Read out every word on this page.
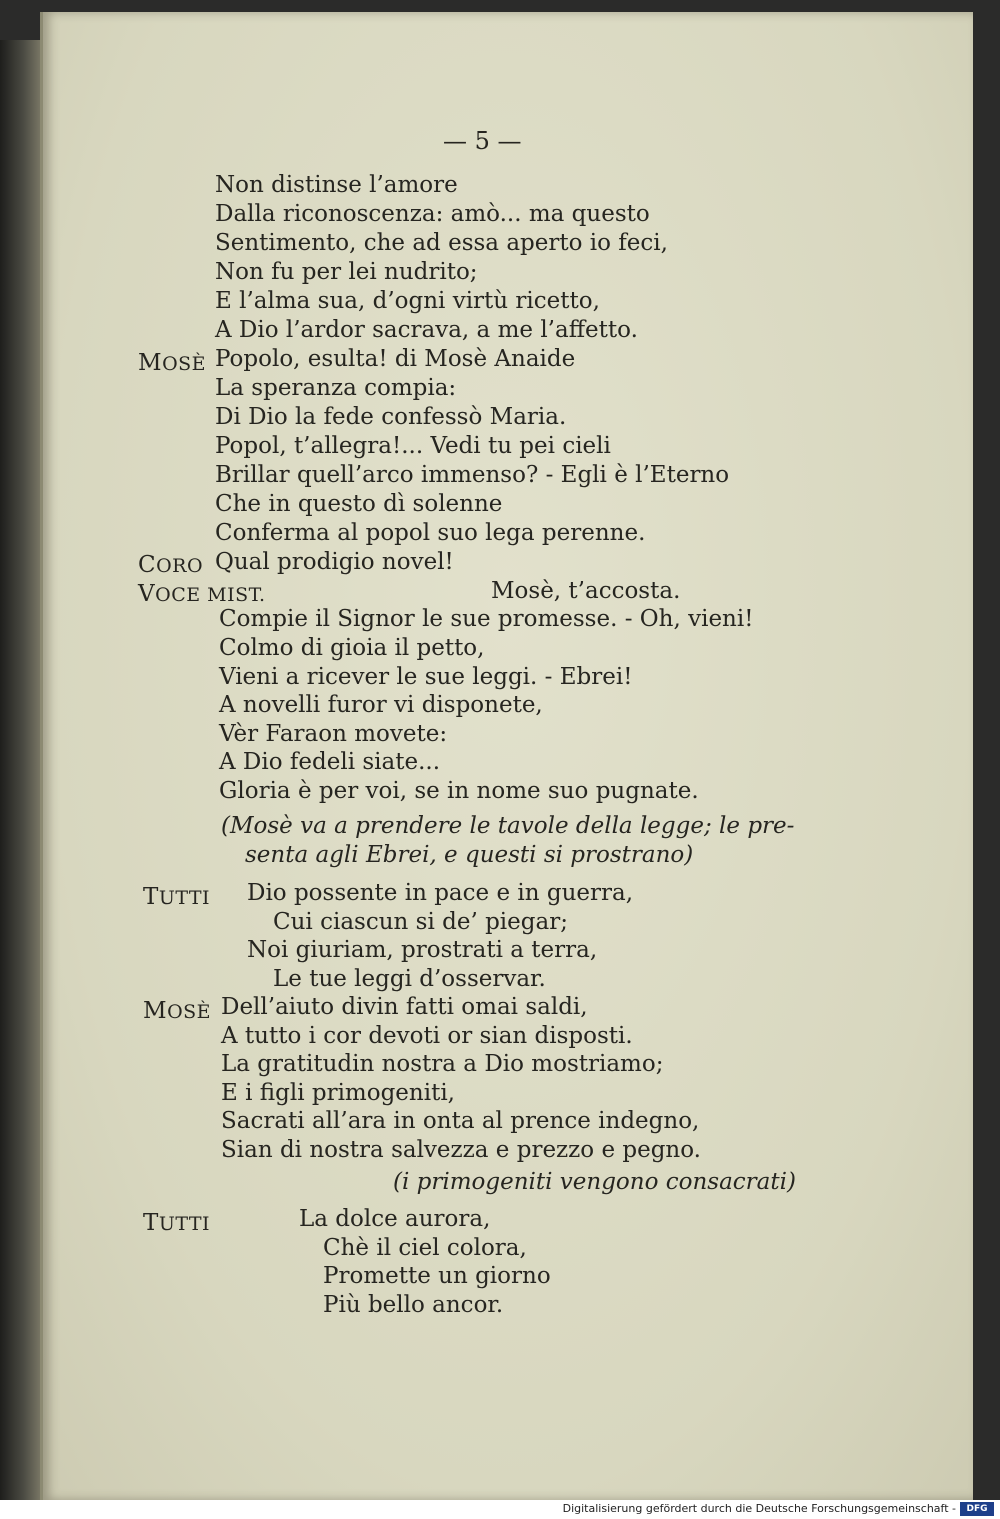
— 5 —
Non distinse l’amore
Dalla riconoscenza: amò... ma questo
Sentimento, che ad essa aperto io feci,
Non fu per lei nudrito;
E l’alma sua, d’ogni virtù ricetto,
A Dio l’ardor sacrava, a me l’affetto.
MOSÈ Popolo, esulta! di Mosè Anaide
La speranza compia:
Di Dio la fede confessò Maria.
Popol, t’allegra!... Vedi tu pei cieli
Brillar quell’arco immenso? - Egli è l’Eterno
Che in questo dì solenne
Conferma al popol suo lega perenne.
CORO Qual prodigio novel!
VOCE MIST.	Mosè, t’accosta.
Compie il Signor le sue promesse. - Oh, vieni!
Colmo di gioia il petto,
Vieni a ricever le sue leggi. - Ebrei!
A novelli furor vi disponete,
Vèr Faraon movete:
A Dio fedeli siate...
Gloria è per voi, se in nome suo pugnate.
(Mosè va a prendere le tavole della legge; le pre-
senta agli Ebrei, e questi si prostrano)
TUTTI Dio possente in pace e in guerra,
Cui ciascun si de’ piegar;
Noi giuriam, prostrati a terra,
Le tue leggi d’osservar.
MOSÈ Dell’aiuto divin fatti omai saldi,
A tutto i cor devoti or sian disposti.
La gratitudin nostra a Dio mostriamo;
E i figli primogeniti,
Sacrati all’ara in onta al prence indegno,
Sian di nostra salvezza e prezzo e pegno.
(i primogeniti vengono consacrati)
TUTTI	La dolce aurora,
Chè il ciel colora,
Promette un giorno
Più bello ancor.
Digitalisierung gefördert durch die Deutsche Forschungsgemeinschaft -	DFG
